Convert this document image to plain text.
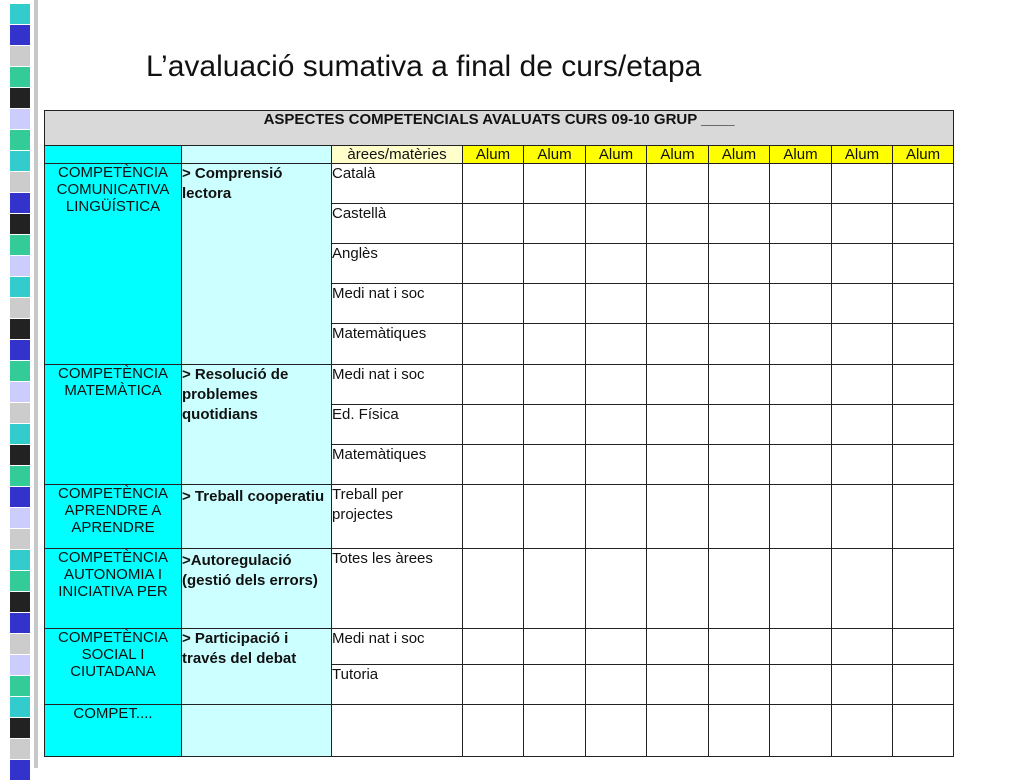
L’avaluació sumativa a final de curs/etapa
ASPECTES COMPETENCIALS AVALUATS CURS 09-10 GRUP ____										
		àrees/matèries	Alum	Alum	Alum	Alum	Alum	Alum	Alum	Alum
COMPETÈNCIA COMUNICATIVA LINGÜÍSTICA	> Comprensió lectora	Català								
		Castellà								
		Anglès								
		Medi nat i soc								
		Matemàtiques								
COMPETÈNCIA MATEMÀTICA	> Resolució de problemes quotidians	Medi nat i soc								
		Ed. Física								
		Matemàtiques								
COMPETÈNCIA APRENDRE A APRENDRE	> Treball cooperatiu	Treball per projectes								
COMPETÈNCIA AUTONOMIA I INICIATIVA PER	>Autoregulació (gestió dels errors)	Totes les àrees								
COMPETÈNCIA SOCIAL I CIUTADANA	> Participació i través del debat	Medi nat i soc								
		Tutoria								
COMPET....										
